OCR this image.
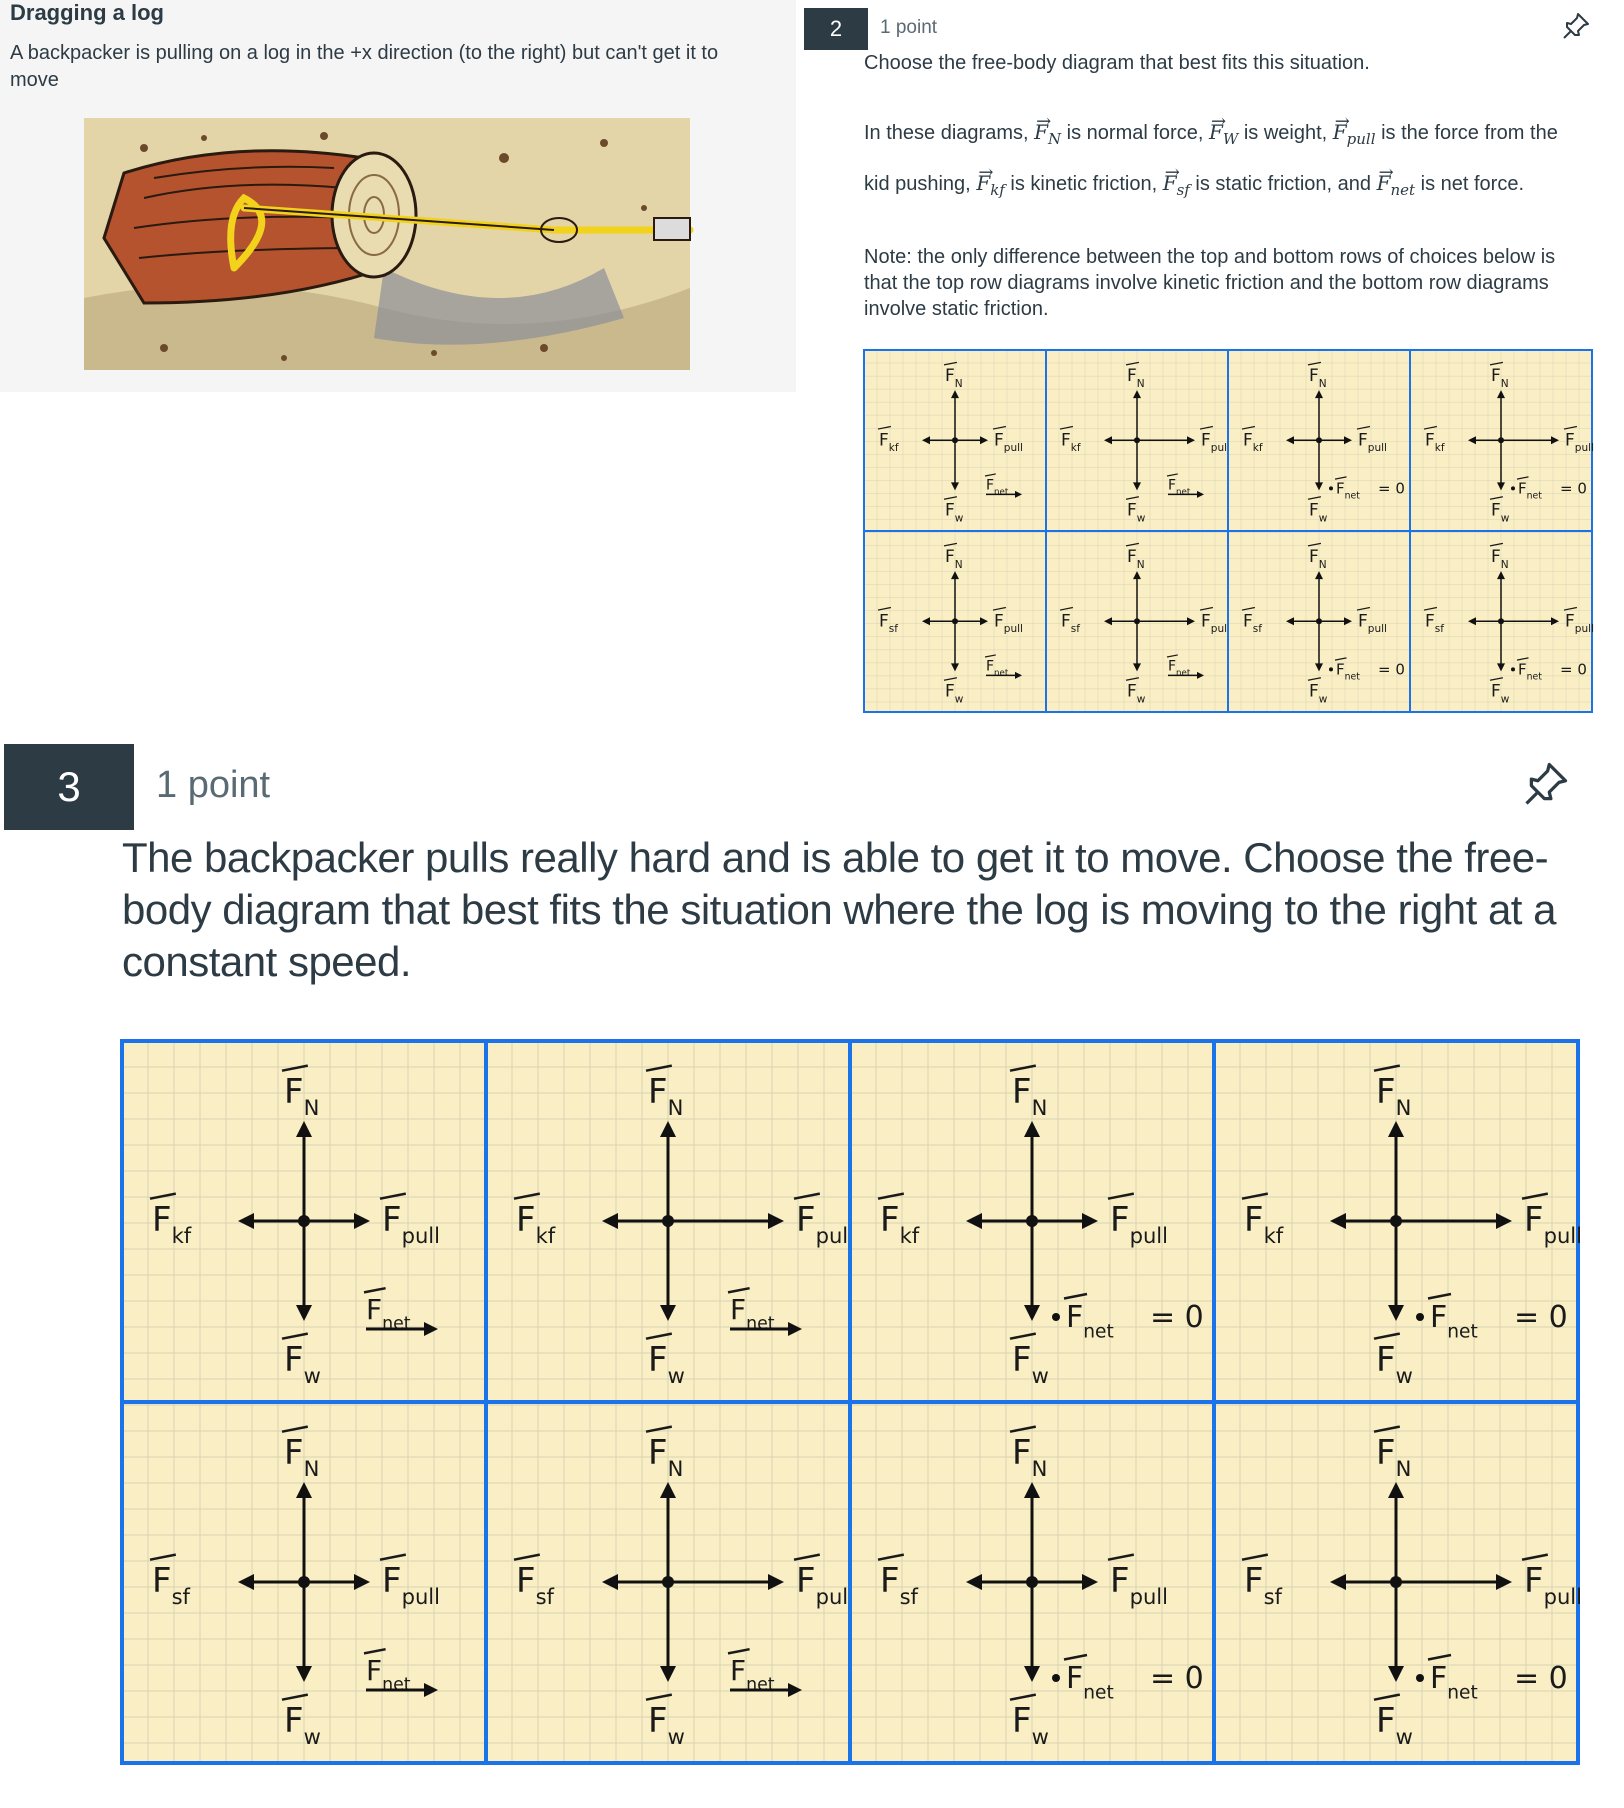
Dragging a log
A backpacker is pulling on a log in the +x direction (to the right) but can't get it to move
2	1 point
Choose the free-body diagram that best fits this situation.
In these diagrams, → $F_N$ is normal force, → $F_W$ is weight, → $F_{pull}$ is the force from the kid pushing, → $F_{kf}$ is kinetic friction, → $F_{sf}$ is static friction, and → $F_{net}$ is net force.
Note: the only difference between the top and bottom rows of choices below is that the top row diagrams involve kinetic friction and the bottom row diagrams involve static friction.
$F_N$
$F_w$
$F_{kf}$	$F_{pull}$
$F_{net}$
$F_N$
$F_w$
$F_{kf}$	$F_{pull}$
$F_{net}$
$F_N$
$F_w$
$F_{kf}$	$F_{pull}$
$F_{net} = 0$
$F_N$
$F_w$
$F_{kf}$	$F_{pull}$
$F_{net} = 0$
$F_N$
$F_w$
$F_{sf}$	$F_{pull}$
$F_{net}$
$F_N$
$F_w$
$F_{sf}$	$F_{pull}$
$F_{net}$
$F_N$
$F_w$
$F_{sf}$	$F_{pull}$
$F_{net} = 0$
$F_N$
$F_w$
$F_{sf}$	$F_{pull}$
$F_{net} = 0$
3	1 point
The backpacker pulls really hard and is able to get it to move. Choose the free-body diagram that best fits the situation where the log is moving to the right at a constant speed.
$F_N$
$F_w$
$F_{kf}$	$F_{pull}$
$F_{net}$
$F_N$
$F_w$
$F_{kf}$	$F_{pull}$
$F_{net}$
$F_N$
$F_w$
$F_{kf}$	$F_{pull}$
$F_{net} = 0$
$F_N$
$F_w$
$F_{kf}$	$F_{pull}$
$F_{net} = 0$
$F_N$
$F_w$
$F_{sf}$	$F_{pull}$
$F_{net}$
$F_N$
$F_w$
$F_{sf}$	$F_{pull}$
$F_{net}$
$F_N$
$F_w$
$F_{sf}$	$F_{pull}$
$F_{net} = 0$
$F_N$
$F_w$
$F_{sf}$	$F_{pull}$
$F_{net} = 0$
